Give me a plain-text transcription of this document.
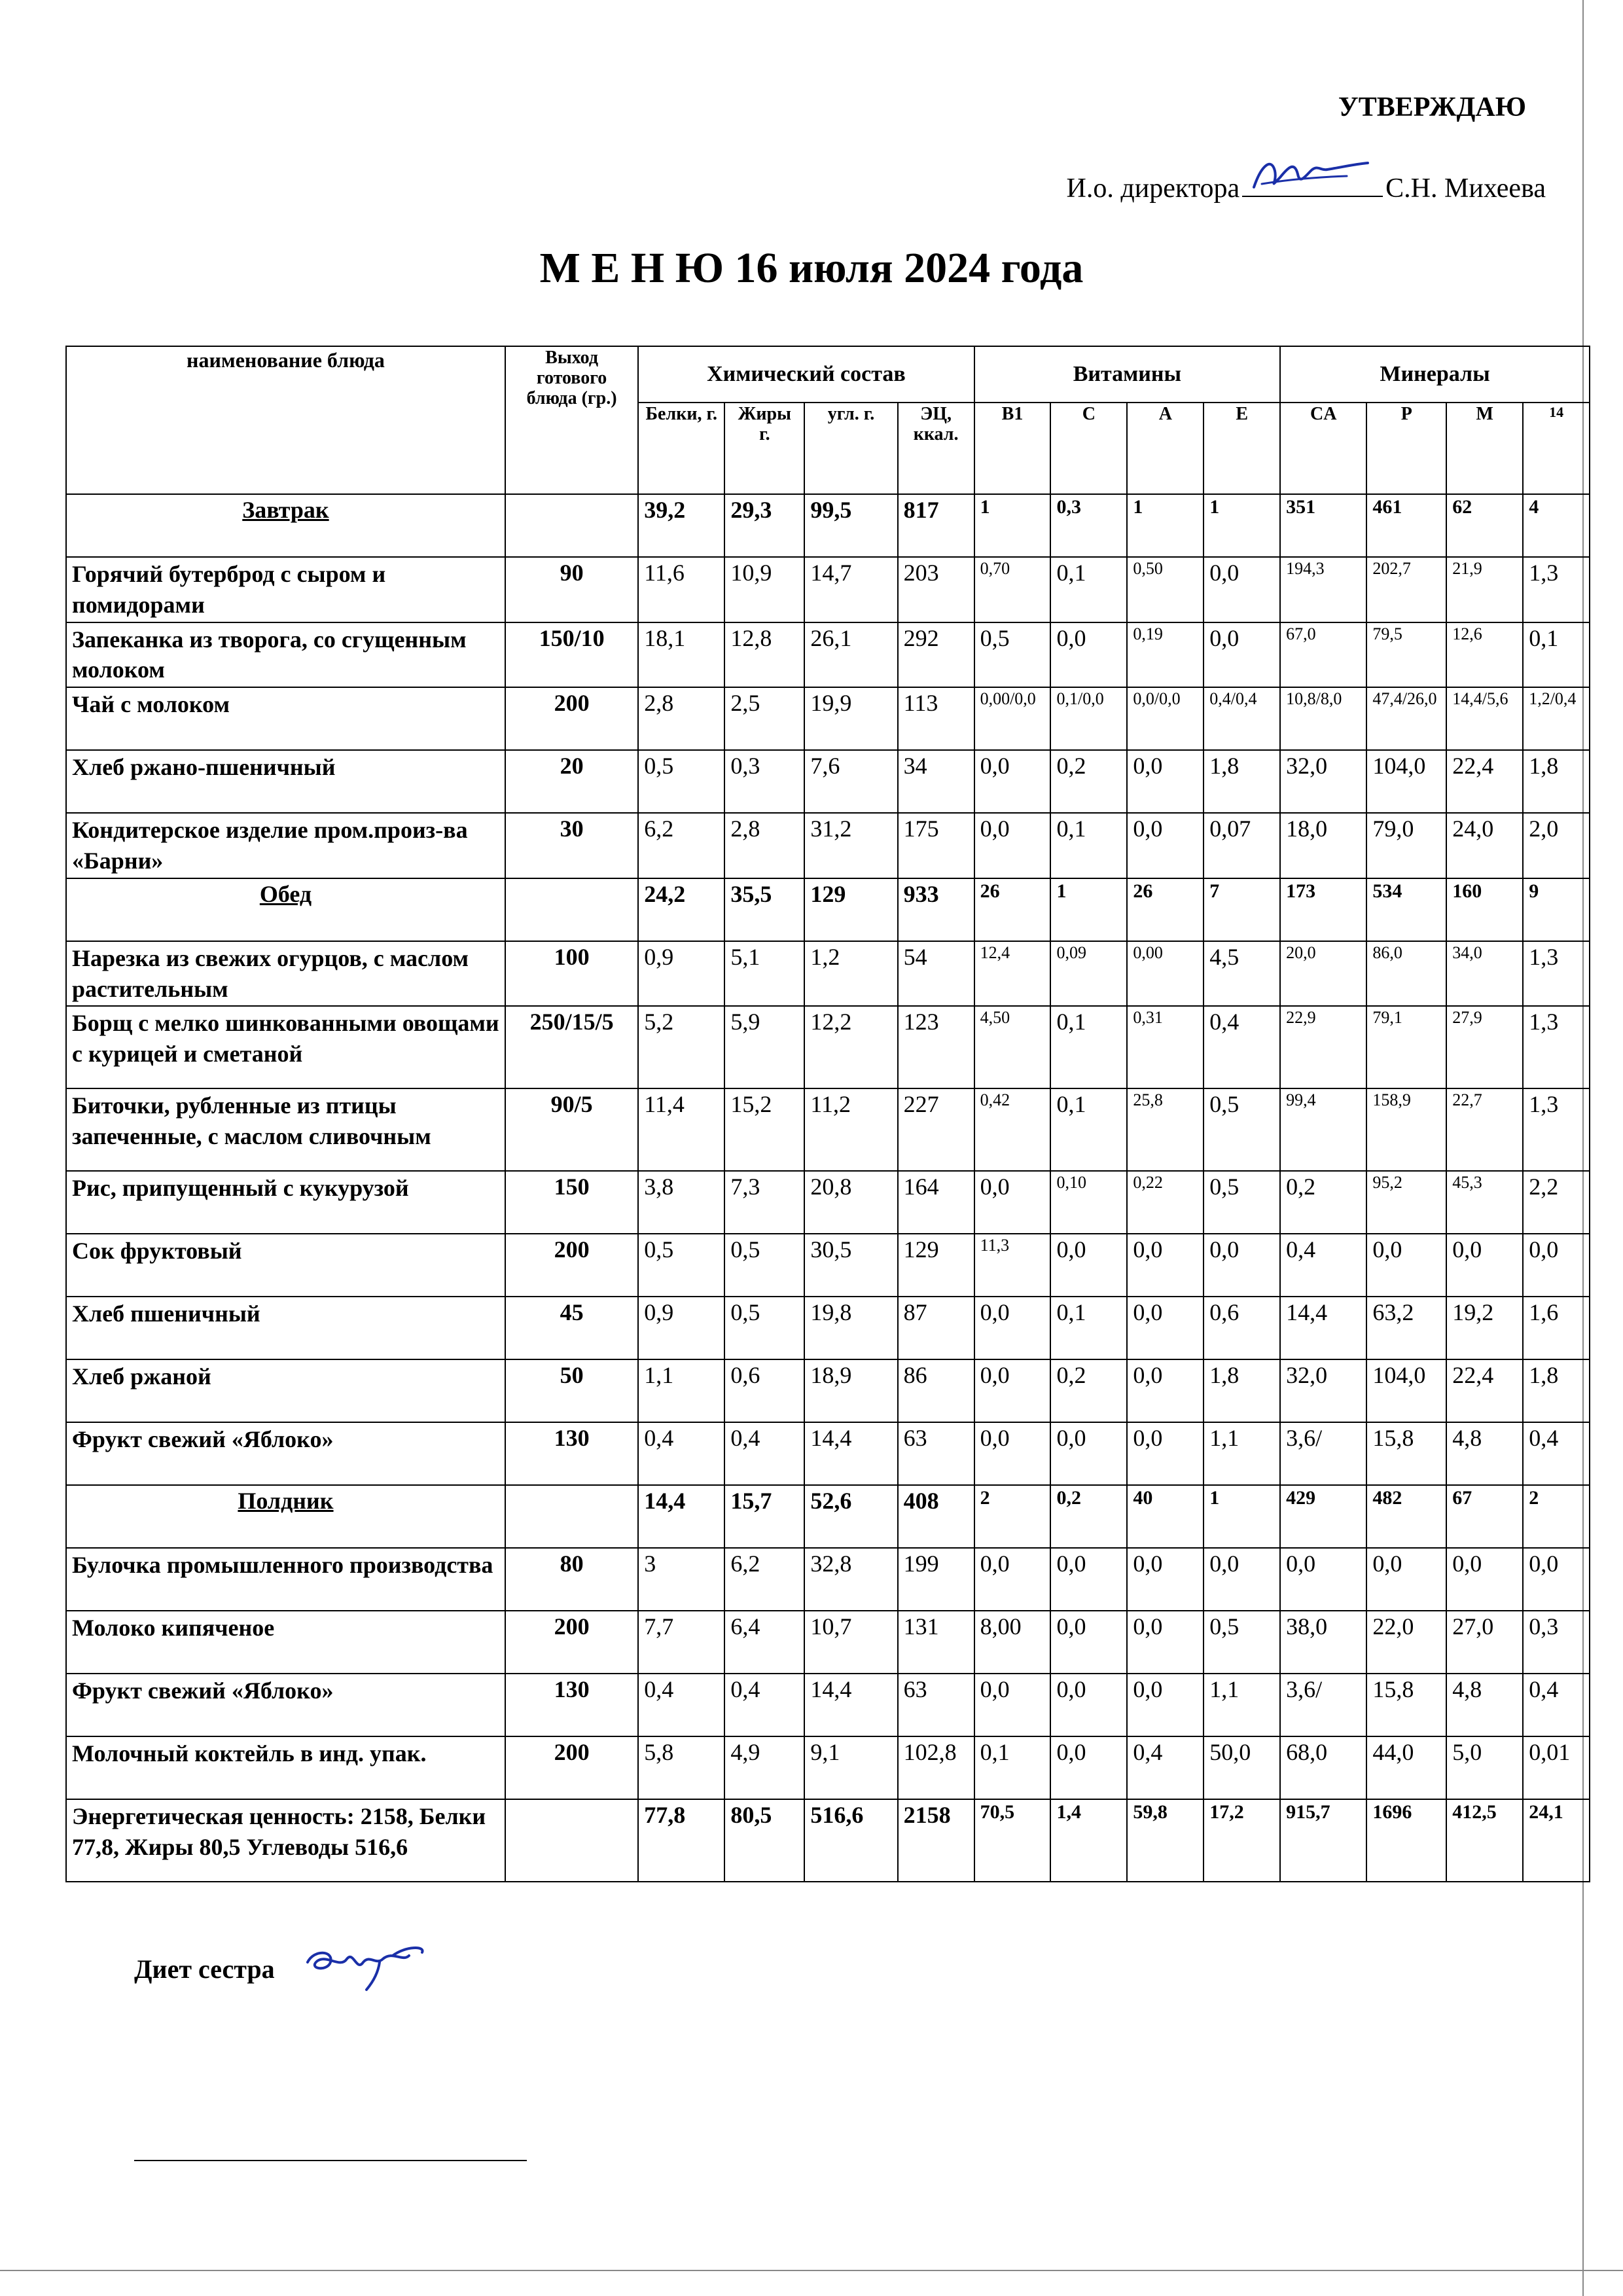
УТВЕРЖДАЮ
И.о. директора	С.Н. Михеева
М Е Н Ю 16 июля 2024 года
наименование блюда	Выход готового блюда (гр.)	Химический состав				Витамины				Минералы			
		Белки, г.	Жиры г.	угл. г.	ЭЦ, ккал.	B1	C	A	E	CA	P	M	14
Завтрак		39,2	29,3	99,5	817	1	0,3	1	1	351	461	62	4
Горячий бутерброд с сыром и помидорами	90	11,6	10,9	14,7	203	0,70	0,1	0,50	0,0	194,3	202,7	21,9	1,3
Запеканка из творога, со сгущенным молоком	150/10	18,1	12,8	26,1	292	0,5	0,0	0,19	0,0	67,0	79,5	12,6	0,1
Чай с молоком	200	2,8	2,5	19,9	113	0,00/0,0	0,1/0,0	0,0/0,0	0,4/0,4	10,8/8,0	47,4/26,0	14,4/5,6	1,2/0,4
Хлеб ржано-пшеничный	20	0,5	0,3	7,6	34	0,0	0,2	0,0	1,8	32,0	104,0	22,4	1,8
Кондитерское изделие пром.произ-ва «Барни»	30	6,2	2,8	31,2	175	0,0	0,1	0,0	0,07	18,0	79,0	24,0	2,0
Обед		24,2	35,5	129	933	26	1	26	7	173	534	160	9
Нарезка из свежих огурцов, с маслом растительным	100	0,9	5,1	1,2	54	12,4	0,09	0,00	4,5	20,0	86,0	34,0	1,3
Борщ с мелко шинкованными овощами с курицей и сметаной	250/15/5	5,2	5,9	12,2	123	4,50	0,1	0,31	0,4	22,9	79,1	27,9	1,3
Биточки, рубленные из птицы запеченные, с маслом сливочным	90/5	11,4	15,2	11,2	227	0,42	0,1	25,8	0,5	99,4	158,9	22,7	1,3
Рис, припущенный с кукурузой	150	3,8	7,3	20,8	164	0,0	0,10	0,22	0,5	0,2	95,2	45,3	2,2
Сок фруктовый	200	0,5	0,5	30,5	129	11,3	0,0	0,0	0,0	0,4	0,0	0,0	0,0
Хлеб пшеничный	45	0,9	0,5	19,8	87	0,0	0,1	0,0	0,6	14,4	63,2	19,2	1,6
Хлеб ржаной	50	1,1	0,6	18,9	86	0,0	0,2	0,0	1,8	32,0	104,0	22,4	1,8
Фрукт свежий «Яблоко»	130	0,4	0,4	14,4	63	0,0	0,0	0,0	1,1	3,6/	15,8	4,8	0,4
Полдник		14,4	15,7	52,6	408	2	0,2	40	1	429	482	67	2
Булочка промышленного производства	80	3	6,2	32,8	199	0,0	0,0	0,0	0,0	0,0	0,0	0,0	0,0
Молоко кипяченое	200	7,7	6,4	10,7	131	8,00	0,0	0,0	0,5	38,0	22,0	27,0	0,3
Фрукт свежий «Яблоко»	130	0,4	0,4	14,4	63	0,0	0,0	0,0	1,1	3,6/	15,8	4,8	0,4
Молочный коктейль в инд. упак.	200	5,8	4,9	9,1	102,8	0,1	0,0	0,4	50,0	68,0	44,0	5,0	0,01
Энергетическая ценность: 2158, Белки 77,8, Жиры 80,5 Углеводы 516,6		77,8	80,5	516,6	2158	70,5	1,4	59,8	17,2	915,7	1696	412,5	24,1
Диет сестра
